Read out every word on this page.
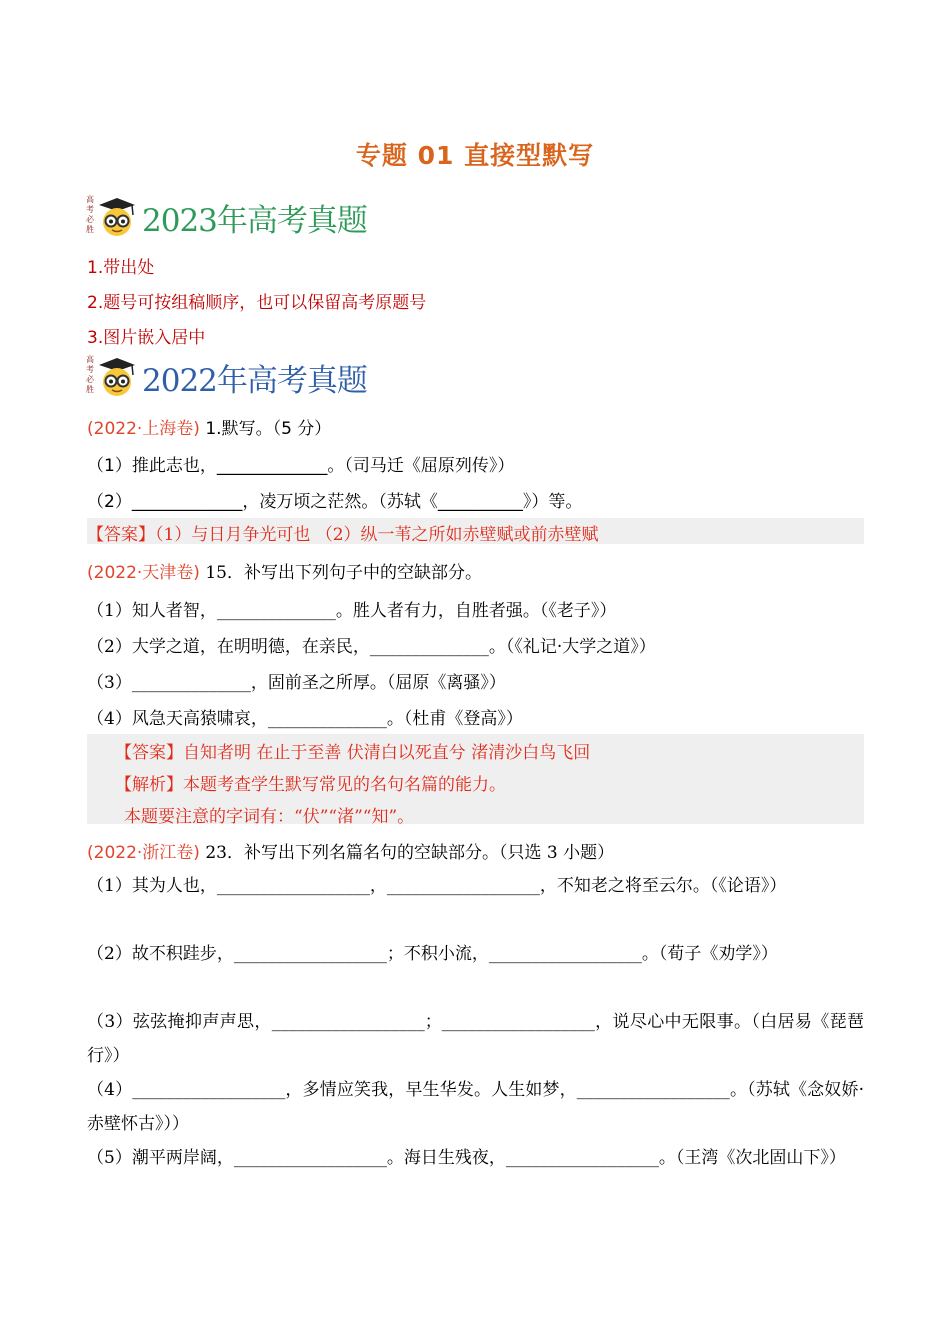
专题 01 直接型默写
高
考
必
胜 2023年高考真题
1.带出处
2.题号可按组稿顺序，也可以保留高考原题号
3.图片嵌入居中
高
考
必
胜 2022年高考真题
(2022·上海卷) 1.默写。（5 分）
（1）推此志也，_____________。（司马迁《屈原列传》）
（2）_____________，凌万顷之茫然。（苏轼《__________》）等。
【答案】（1）与日月争光可也 （2）纵一苇之所如赤壁赋或前赤壁赋
(2022·天津卷) 15．补写出下列句子中的空缺部分。
（1）知人者智，______________。胜人者有力，自胜者强。（《老子》）
（2）大学之道，在明明德，在亲民，______________。（《礼记·大学之道》）
（3）______________，固前圣之所厚。（屈原《离骚》）
（4）风急天高猿啸哀，______________。（杜甫《登高》）
【答案】自知者明 在止于至善 伏清白以死直兮 渚清沙白鸟飞回
【解析】本题考查学生默写常见的名句名篇的能力。
本题要注意的字词有：“伏”“渚”“知”。
(2022·浙江卷) 23．补写出下列名篇名句的空缺部分。（只选 3 小题）
（1）其为人也，__________________，__________________，不知老之将至云尔。（《论语》）
（2）故不积跬步，__________________；不积小流，__________________。（荀子《劝学》）
（3）弦弦掩抑声声思，__________________；__________________，说尽心中无限事。（白居易《琵琶行》）
（4）__________________，多情应笑我，早生华发。人生如梦，__________________。（苏轼《念奴娇·赤壁怀古》））
（5）潮平两岸阔，__________________。海日生残夜，__________________。（王湾《次北固山下》）
